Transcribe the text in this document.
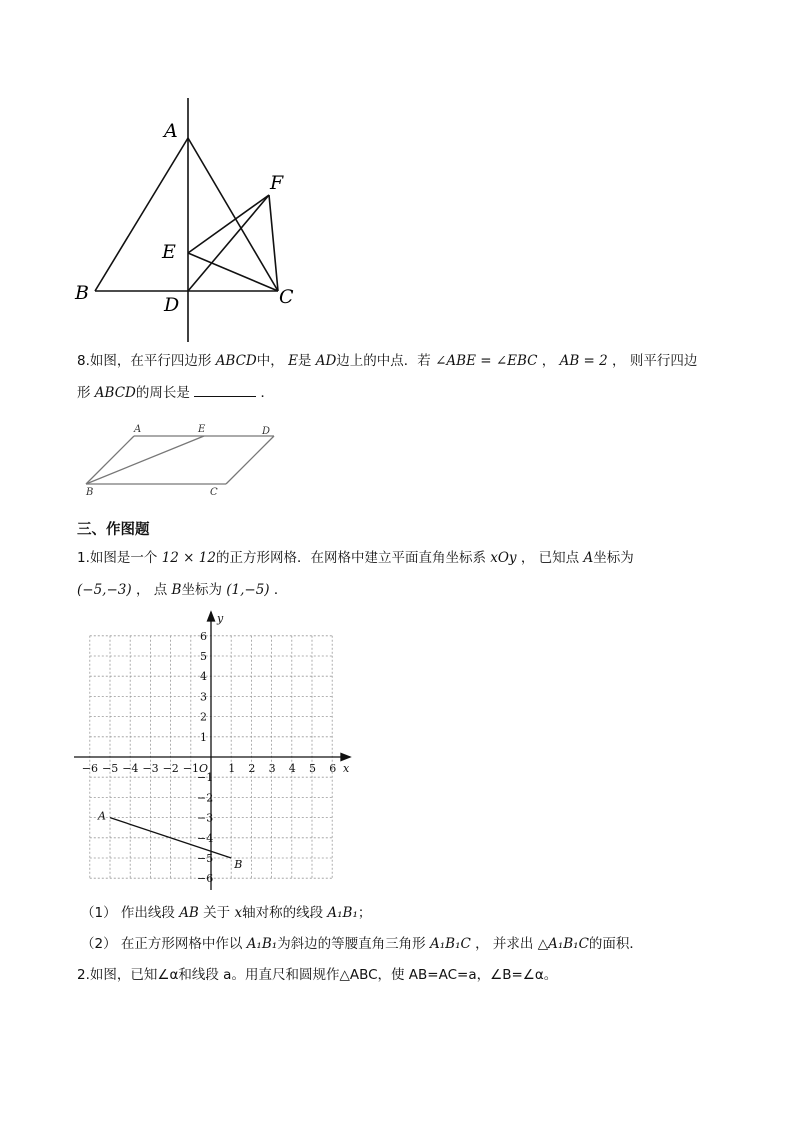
A
F
E
B
D	C
8.如图，在平行四边形 ABCD中， E是 AD边上的中点．若 ∠ABE = ∠EBC ， AB = 2 ， 则平行四边
形 ABCD的周长是	．
A	E	D
B	C
三、作图题
1.如图是一个 12 × 12的正方形网格．在网格中建立平面直角坐标系 xOy ， 已知点 A坐标为
(−5,−3) ， 点 B坐标为 (1,−5) ．
−6 −5 −4 −3 −2 −1	1 2 3 4 5 6
6
5
4
3
2
1
−1
−2
−3
−4
−5
−6
O	x
y
A
B
（1） 作出线段 AB 关于 x轴对称的线段 A₁B₁；
（2） 在正方形网格中作以 A₁B₁为斜边的等腰直角三角形 A₁B₁C ， 并求出 △A₁B₁C的面积．
2.如图，已知∠α和线段 a。用直尺和圆规作△ABC，使 AB=AC=a，∠B=∠α。
